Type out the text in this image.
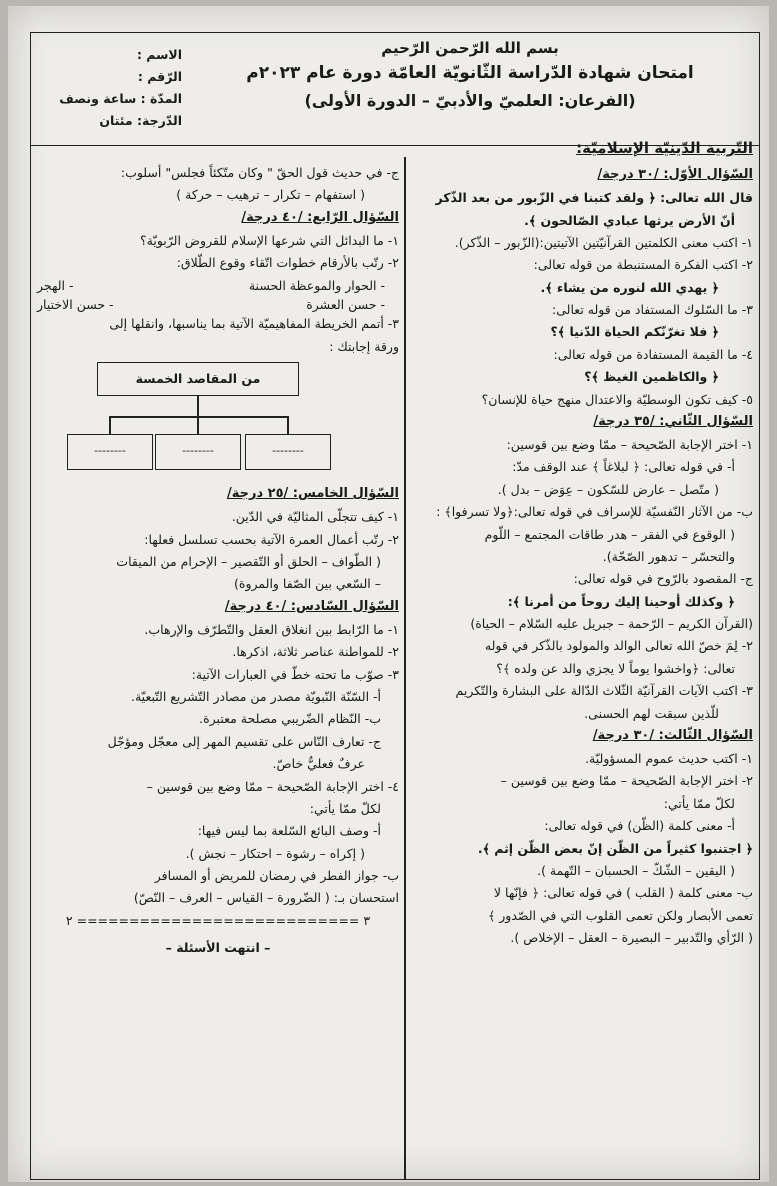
بسم الله الرّحمن الرّحيم
امتحان شهادة الدّراسة الثّانويّة العامّة دورة عام ٢٠٢٣م
(الفرعان: العلميّ والأدبيّ – الدورة الأولى)
الاسم :
الرّقم :
المدّة : ساعة ونصف
الدّرجة: مئتان
التّربية الدّينيّة الإسلاميّة:
السّؤال الأوّل: /٣٠ درجة/
قال الله تعالى: ﴿ ولقد كتبنا في الزّبور من بعد الذّكر
أنّ الأرض يرثها عبادي الصّالحون ﴾.
١- اكتب معنى الكلمتين القرآنيّتين الآتيتين:(الزّبور – الذّكر).
٢- اكتب الفكرة المستنبطة من قوله تعالى:
﴿ يهدي الله لنوره من يشاء ﴾.
٣- ما السّلوك المستفاد من قوله تعالى:
﴿ فلا تغرّنّكم الحياة الدّنيا ﴾؟
٤- ما القيمة المستفادة من قوله تعالى:
﴿ والكاظمين الغيظ ﴾؟
٥- كيف تكون الوسطيّة والاعتدال منهج حياة للإنسان؟
السّؤال الثّاني: /٣٥ درجة/
١- اختر الإجابة الصّحيحة – ممّا وضع بين قوسين:
أ- في قوله تعالى: ﴿ لبلاغاً ﴾ عند الوقف مدّ:
( متّصل – عارض للسّكون – عِوَض – بدل ).
ب- من الآثار النّفسيّة للإسراف في قوله تعالى:﴿ولا تسرفوا﴾ :
( الوقوع في الفقر – هدر طاقات المجتمع – اللّوم
والتحسّر – تدهور الصّحّة).
ج- المقصود بالرّوح في قوله تعالى:
﴿ وكذلك أوحينا إليك روحاً من أمرنا ﴾:
(القرآن الكريم – الرّحمة – جبريل عليه السّلام – الحياة)
٢- لِمَ خصّ الله تعالى الوالد والمولود بالذّكر في قوله
تعالى: ﴿واخشوا يوماً لا يجزي والد عن ولده ﴾؟
٣- اكتب الآيات القرآنيّة الثّلاث الدّالة على البشارة والتّكريم
للّذين سبقت لهم الحسنى.
السّؤال الثّالث: /٣٠ درجة/
١- اكتب حديث عموم المسؤوليّة.
٢- اختر الإجابة الصّحيحة – ممّا وضع بين قوسين –
لكلّ ممّا يأتي:
أ- معنى كلمة (الظّن) في قوله تعالى:
﴿ اجتنبوا كثيراً من الظّن إنّ بعض الظّن إثم ﴾.
( اليقين – الشّكّ – الحسبان – التّهمة ).
ب- معنى كلمة ( القلب ) في قوله تعالى: ﴿ فإنّها لا
تعمى الأبصار ولكن تعمى القلوب التي في الصّدور ﴾
( الرّأي والتّدبير – البصيرة – العقل – الإخلاص ).
ج- في حديث قول الحقّ " وكان متّكئاً فجلس" أسلوب:
( استفهام – تكرار – ترهيب – حركة )
السّؤال الرّابع: /٤٠ درجة/
١- ما البدائل التي شرعها الإسلام للقروض الرّبويّة؟
٢- رتّب بالأرقام خطوات اتّقاء وقوع الطّلاق:
- الحوار والموعظة الحسنة
- الهجر
- حسن العشرة
- حسن الاختيار
٣- أتمم الخريطة المفاهيميّة الآتية بما يناسبها، وانقلها إلى
ورقة إجابتك :
من المقاصد الخمسة
--------	--------	--------
السّؤال الخامس: /٢٥ درجة/
١- كيف تتجلّى المثاليّة في الدّين.
٢- رتّب أعمال العمرة الآتية بحسب تسلسل فعلها:
( الطّواف – الحلق أو التّقصير – الإحرام من الميقات
– السّعي بين الصّفا والمروة)
السّؤال السّادس: /٤٠ درجة/
١- ما الرّابط بين انغلاق العقل والتّطرّف والإرهاب.
٢- للمواطنة عناصر ثلاثة، اذكرها.
٣- صوّب ما تحته خطّ في العبارات الآتية:
أ- السّنّة النّبويّة مصدر من مصادر التّشريع التّبعيّة.
ب- النّظام الضّريبي مصلحة معتبرة.
ج- تعارف النّاس على تقسيم المهر إلى معجّل ومؤجّل
عرفٌ فعليٌّ خاصّ.
٤- اختر الإجابة الصّحيحة – ممّا وضع بين قوسين –
لكلّ ممّا يأتي:
أ- وصف البائع السّلعة بما ليس فيها:
( إكراه – رشوة – احتكار – نجش ).
ب- جواز الفطر في رمضان للمريض أو المسافر
استحسان بـ: ( الضّرورة – القياس – العرف – النّصّ)
٣ =========================== ٢
– انتهت الأسئلة –
